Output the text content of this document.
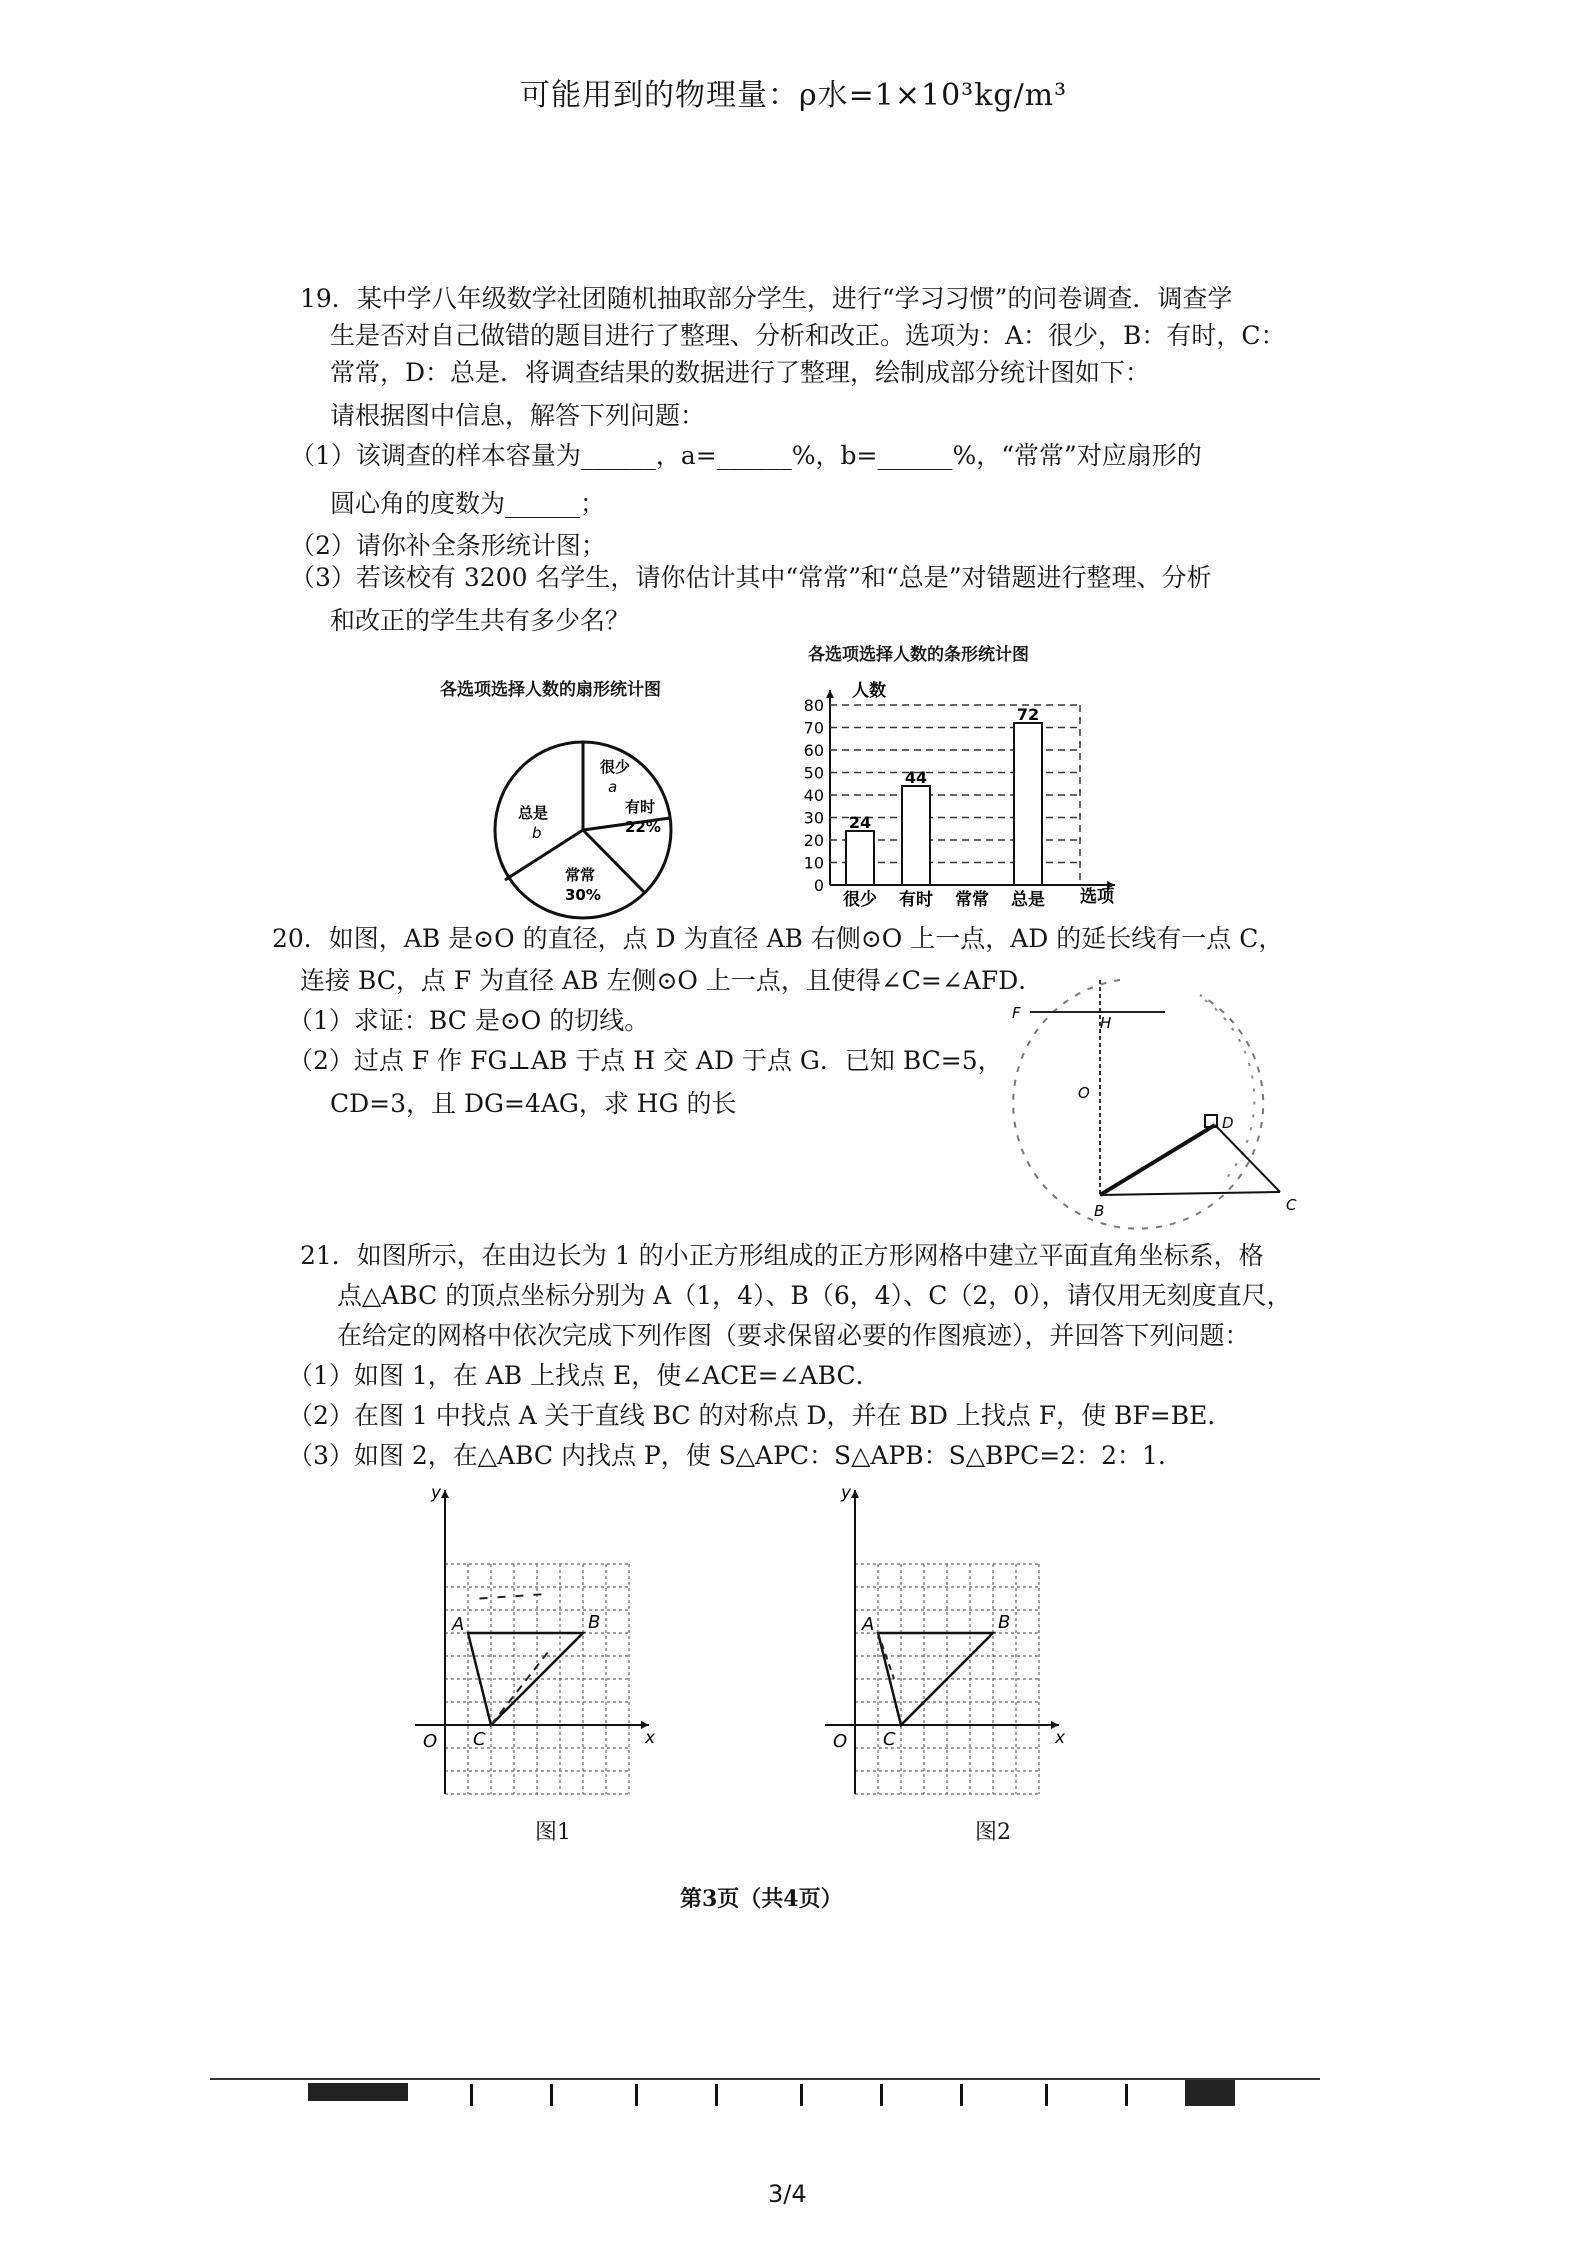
可能用到的物理量：ρ水=1×10³kg/m³
19．某中学八年级数学社团随机抽取部分学生，进行“学习习惯”的问卷调查．调查学
生是否对自己做错的题目进行了整理、分析和改正。选项为：A：很少，B：有时，C：
常常，D：总是．将调查结果的数据进行了整理，绘制成部分统计图如下：
请根据图中信息，解答下列问题：
（1）该调查的样本容量为______，a=______%，b=______%，“常常”对应扇形的
圆心角的度数为______；
（2）请你补全条形统计图；
（3）若该校有 3200 名学生，请你估计其中“常常”和“总是”对错题进行整理、分析
和改正的学生共有多少名？
各选项选择人数的扇形统计图
很少
a
有时
22%
总是
b
常常
30%
各选项选择人数的条形统计图
0
10
20
30
40
50
60
70
80
24
很少
44
有时 常常
72
总是
人数
选项
20．如图，AB 是⊙O 的直径，点 D 为直径 AB 右侧⊙O 上一点，AD 的延长线有一点 C，
连接 BC，点 F 为直径 AB 左侧⊙O 上一点，且使得∠C=∠AFD．
（1）求证：BC 是⊙O 的切线。
（2）过点 F 作 FG⊥AB 于点 H 交 AD 于点 G．已知 BC=5，
CD=3，且 DG=4AG，求 HG 的长
F
H
O
D
B	C
21．如图所示，在由边长为 1 的小正方形组成的正方形网格中建立平面直角坐标系，格
点△ABC 的顶点坐标分别为 A（1，4）、B（6，4）、C（2，0），请仅用无刻度直尺，
在给定的网格中依次完成下列作图（要求保留必要的作图痕迹），并回答下列问题：
（1）如图 1，在 AB 上找点 E，使∠ACE=∠ABC．
（2）在图 1 中找点 A 关于直线 BC 的对称点 D，并在 BD 上找点 F，使 BF=BE．
（3）如图 2，在△ABC 内找点 P，使 S△APC：S△APB：S△BPC=2：2：1．
y
x
O
A	B
C
y
x
O
A	B
C
图1	图2
第3页（共4页）
3/4
